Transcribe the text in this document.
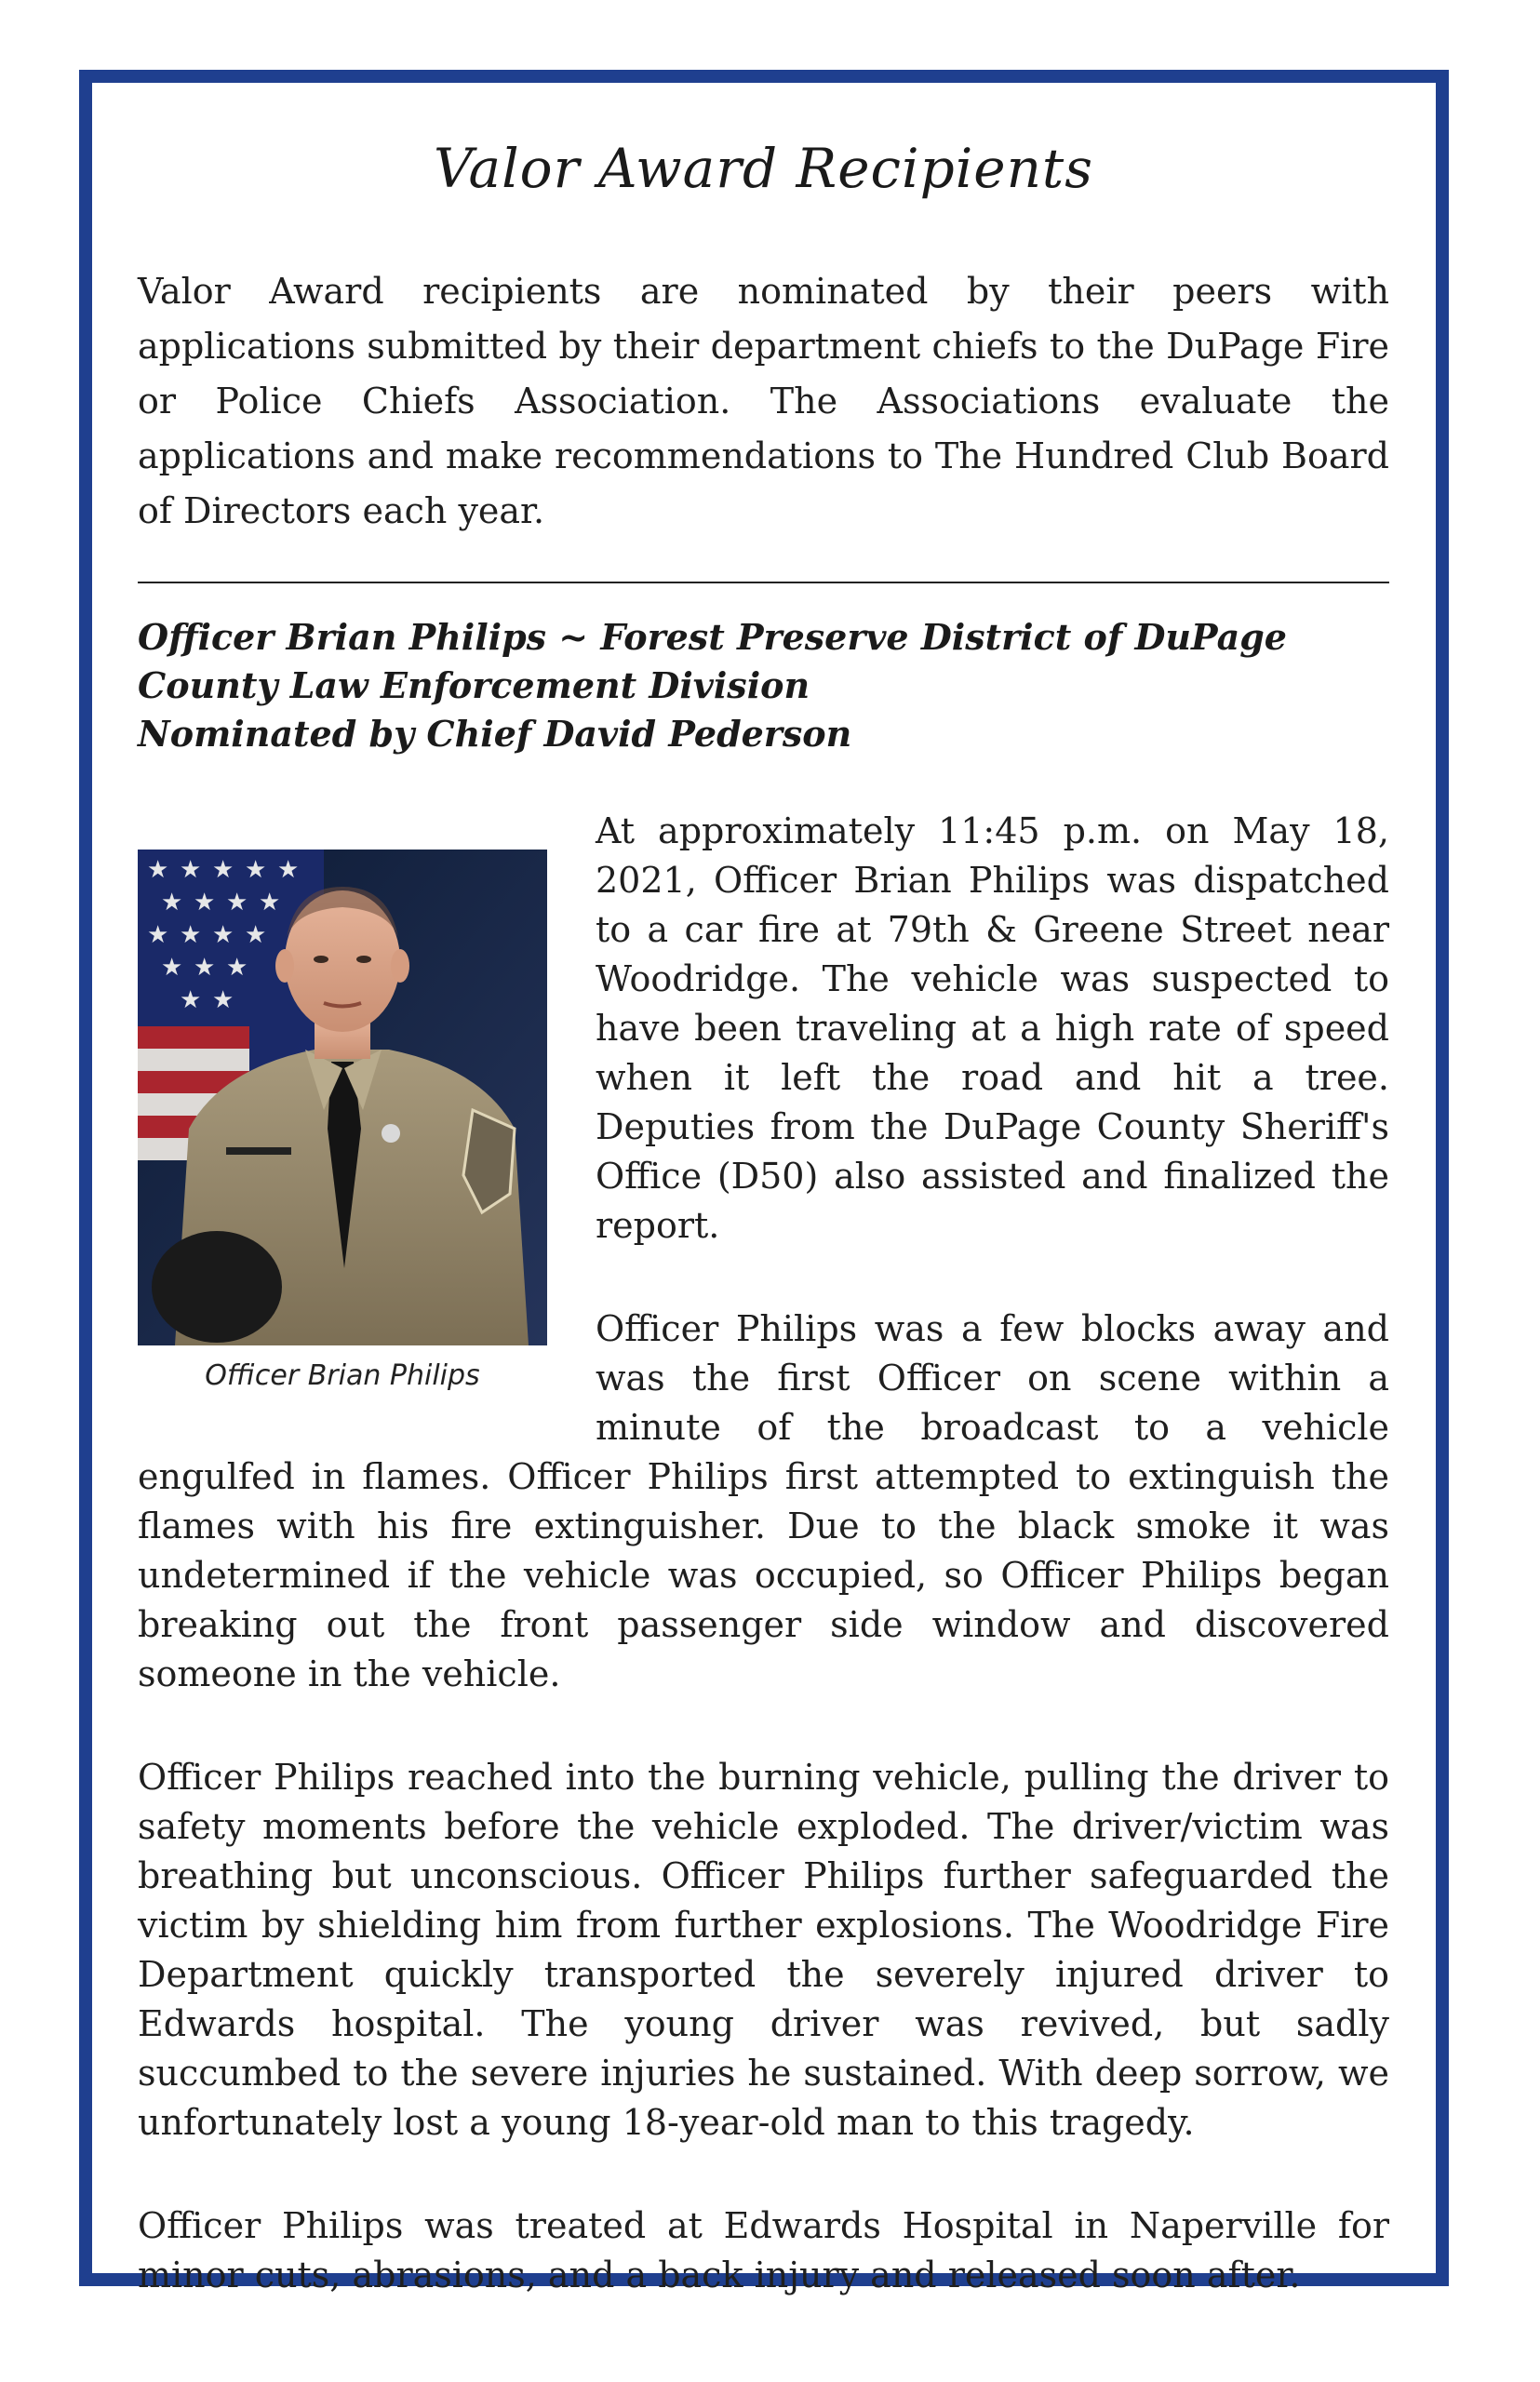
Valor Award Recipients

Valor Award recipients are nominated by their peers with applications submitted by their department chiefs to the DuPage Fire or Police Chiefs Association. The Associations evaluate the applications and make recommendations to The Hundred Club Board of Directors each year.

Officer Brian Philips ~ Forest Preserve District of DuPage
County Law Enforcement Division
Nominated by Chief David Pederson

★ ★ ★ ★ ★
★ ★ ★ ★
★ ★ ★ ★
★ ★ ★
★ ★
Officer Brian Philips
At approximately 11:45 p.m. on May 18, 2021, Officer Brian Philips was dispatched to a car fire at 79th & Greene Street near Woodridge. The vehicle was suspected to have been traveling at a high rate of speed when it left the road and hit a tree. Deputies from the DuPage County Sheriff's Office (D50) also assisted and finalized the report.

Officer Philips was a few blocks away and was the first Officer on scene within a minute of the broadcast to a vehicle engulfed in flames. Officer Philips first attempted to extinguish the flames with his fire extinguisher. Due to the black smoke it was undetermined if the vehicle was occupied, so Officer Philips began breaking out the front passenger side window and discovered someone in the vehicle.

Officer Philips reached into the burning vehicle, pulling the driver to safety moments before the vehicle exploded. The driver/victim was breathing but unconscious. Officer Philips further safeguarded the victim by shielding him from further explosions. The Woodridge Fire Department quickly transported the severely injured driver to Edwards hospital. The young driver was revived, but sadly succumbed to the severe injuries he sustained. With deep sorrow, we unfortunately lost a young 18-year-old man to this tragedy.

Officer Philips was treated at Edwards Hospital in Naperville for minor cuts, abrasions, and a back injury and released soon after.
